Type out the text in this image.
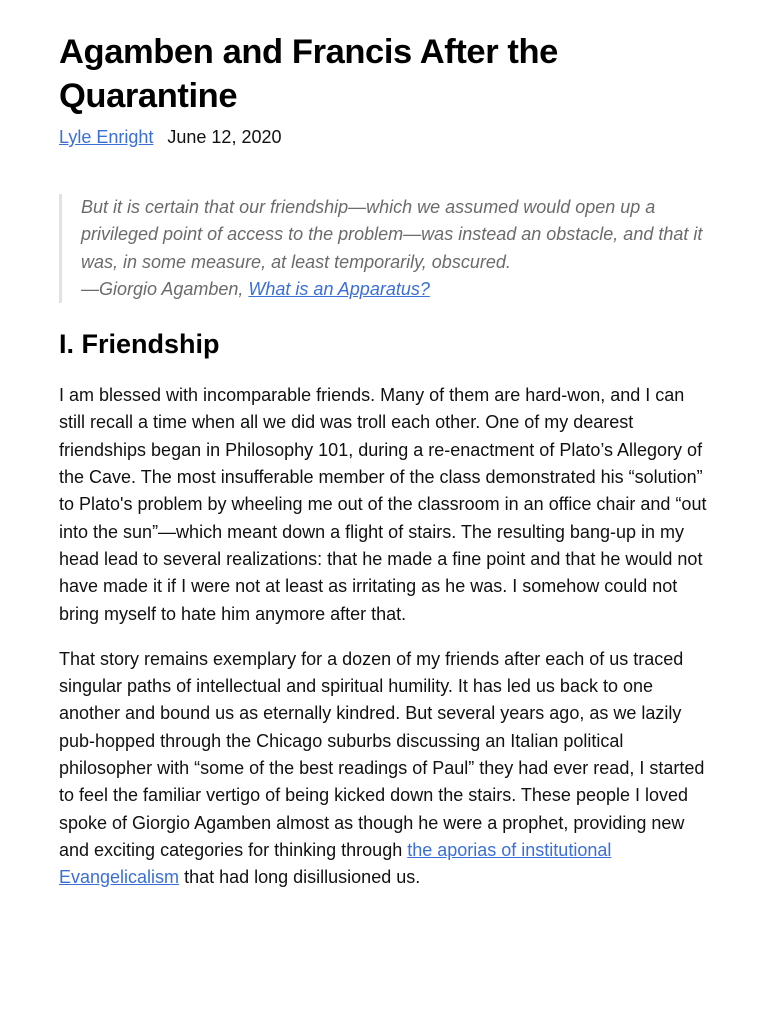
Agamben and Francis After the Quarantine
Lyle Enright June 12, 2020

But it is certain that our friendship—which we assumed would open up a privileged point of access to the problem—was instead an obstacle, and that it was, in some measure, at least temporarily, obscured.
—Giorgio Agamben, What is an Apparatus?

I. Friendship

I am blessed with incomparable friends. Many of them are hard-won, and I can still recall a time when all we did was troll each other. One of my dearest friendships began in Philosophy 101, during a re-enactment of Plato’s Allegory of the Cave. The most insufferable member of the class demonstrated his “solution” to Plato's problem by wheeling me out of the classroom in an office chair and “out into the sun”—which meant down a flight of stairs. The resulting bang-up in my head lead to several realizations: that he made a fine point and that he would not have made it if I were not at least as irritating as he was. I somehow could not bring myself to hate him anymore after that.

That story remains exemplary for a dozen of my friends after each of us traced singular paths of intellectual and spiritual humility. It has led us back to one another and bound us as eternally kindred. But several years ago, as we lazily pub-hopped through the Chicago suburbs discussing an Italian political philosopher with “some of the best readings of Paul” they had ever read, I started to feel the familiar vertigo of being kicked down the stairs. These people I loved spoke of Giorgio Agamben almost as though he were a prophet, providing new and exciting categories for thinking through the aporias of institutional Evangelicalism that had long disillusioned us.
